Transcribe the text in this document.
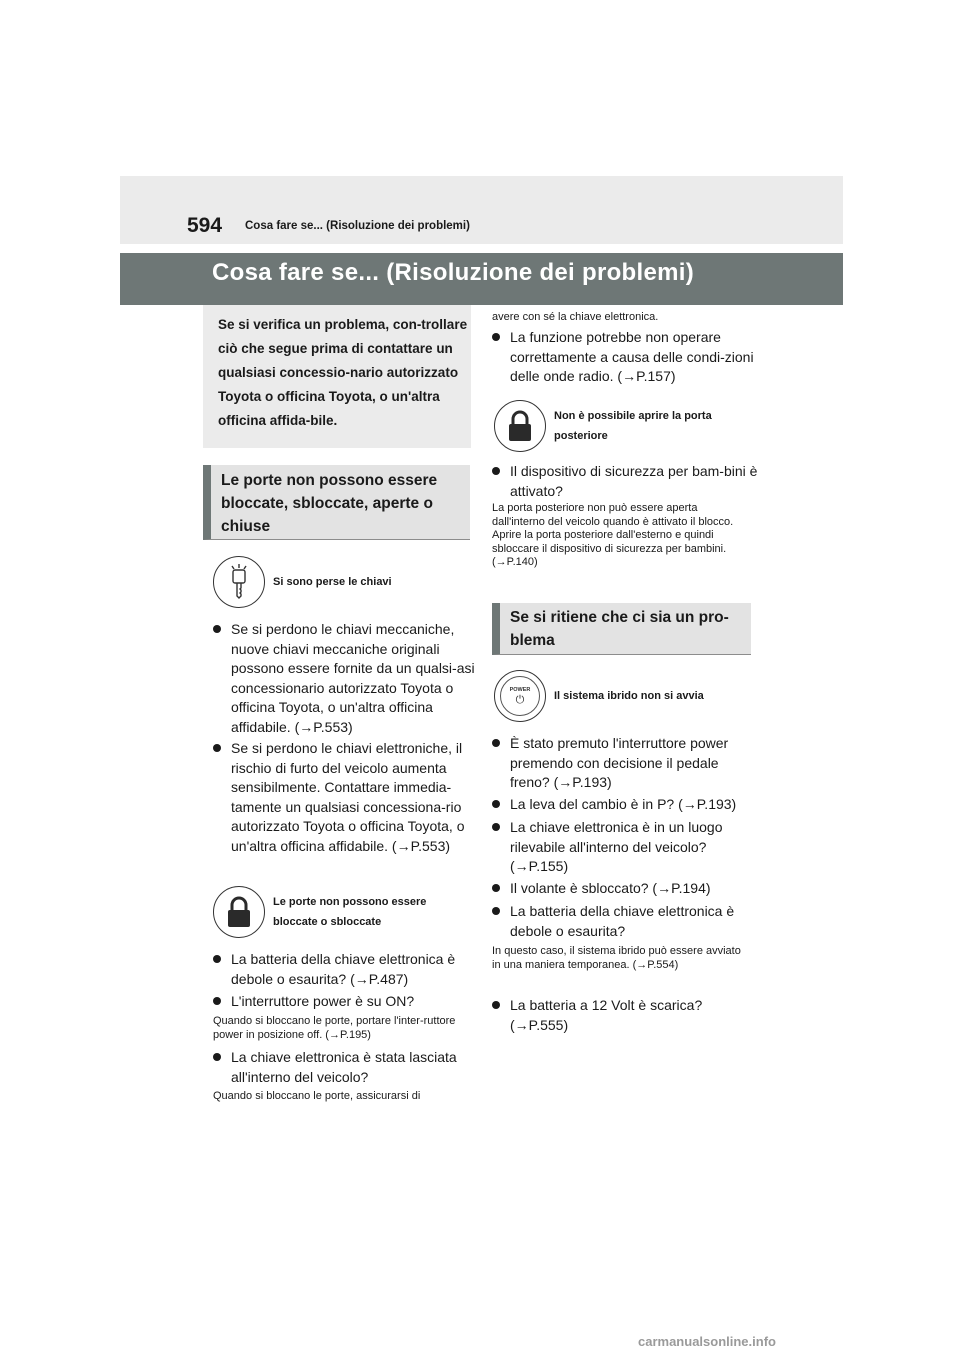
594 Cosa fare se... (Risoluzione dei problemi)
Cosa fare se... (Risoluzione dei problemi)
Se si verifica un problema, con-trollare ciò che segue prima di contattare un qualsiasi concessio-nario autorizzato Toyota o officina Toyota, o un'altra officina affida-bile.
Le porte non possono essere bloccate, sbloccate, aperte o chiuse
Si sono perse le chiavi
Se si perdono le chiavi meccaniche, nuove chiavi meccaniche originali possono essere fornite da un qualsi-asi concessionario autorizzato Toyota o officina Toyota, o un'altra officina affidabile. (→P.553)
Se si perdono le chiavi elettroniche, il rischio di furto del veicolo aumenta sensibilmente. Contattare immedia-tamente un qualsiasi concessiona-rio autorizzato Toyota o officina Toyota, o un'altra officina affidabile. (→P.553)
Le porte non possono essere bloccate o sbloccate
La batteria della chiave elettronica è debole o esaurita? (→P.487)
L'interruttore power è su ON?
Quando si bloccano le porte, portare l'inter-ruttore power in posizione off. (→P.195)
La chiave elettronica è stata lasciata all'interno del veicolo?
Quando si bloccano le porte, assicurarsi di
avere con sé la chiave elettronica.
La funzione potrebbe non operare correttamente a causa delle condi-zioni delle onde radio. (→P.157)
Non è possibile aprire la porta posteriore
Il dispositivo di sicurezza per bam-bini è attivato?
La porta posteriore non può essere aperta dall'interno del veicolo quando è attivato il blocco. Aprire la porta posteriore dall'esterno e quindi sbloccare il dispositivo di sicurezza per bambini. (→P.140)
Se si ritiene che ci sia un pro-blema
POWER
⏻	Il sistema ibrido non si avvia
È stato premuto l'interruttore power premendo con decisione il pedale freno? (→P.193)
La leva del cambio è in P? (→P.193)
La chiave elettronica è in un luogo rilevabile all'interno del veicolo? (→P.155)
Il volante è sbloccato? (→P.194)
La batteria della chiave elettronica è debole o esaurita?
In questo caso, il sistema ibrido può essere avviato in una maniera temporanea. (→P.554)
La batteria a 12 Volt è scarica? (→P.555)
carmanualsonline.info
